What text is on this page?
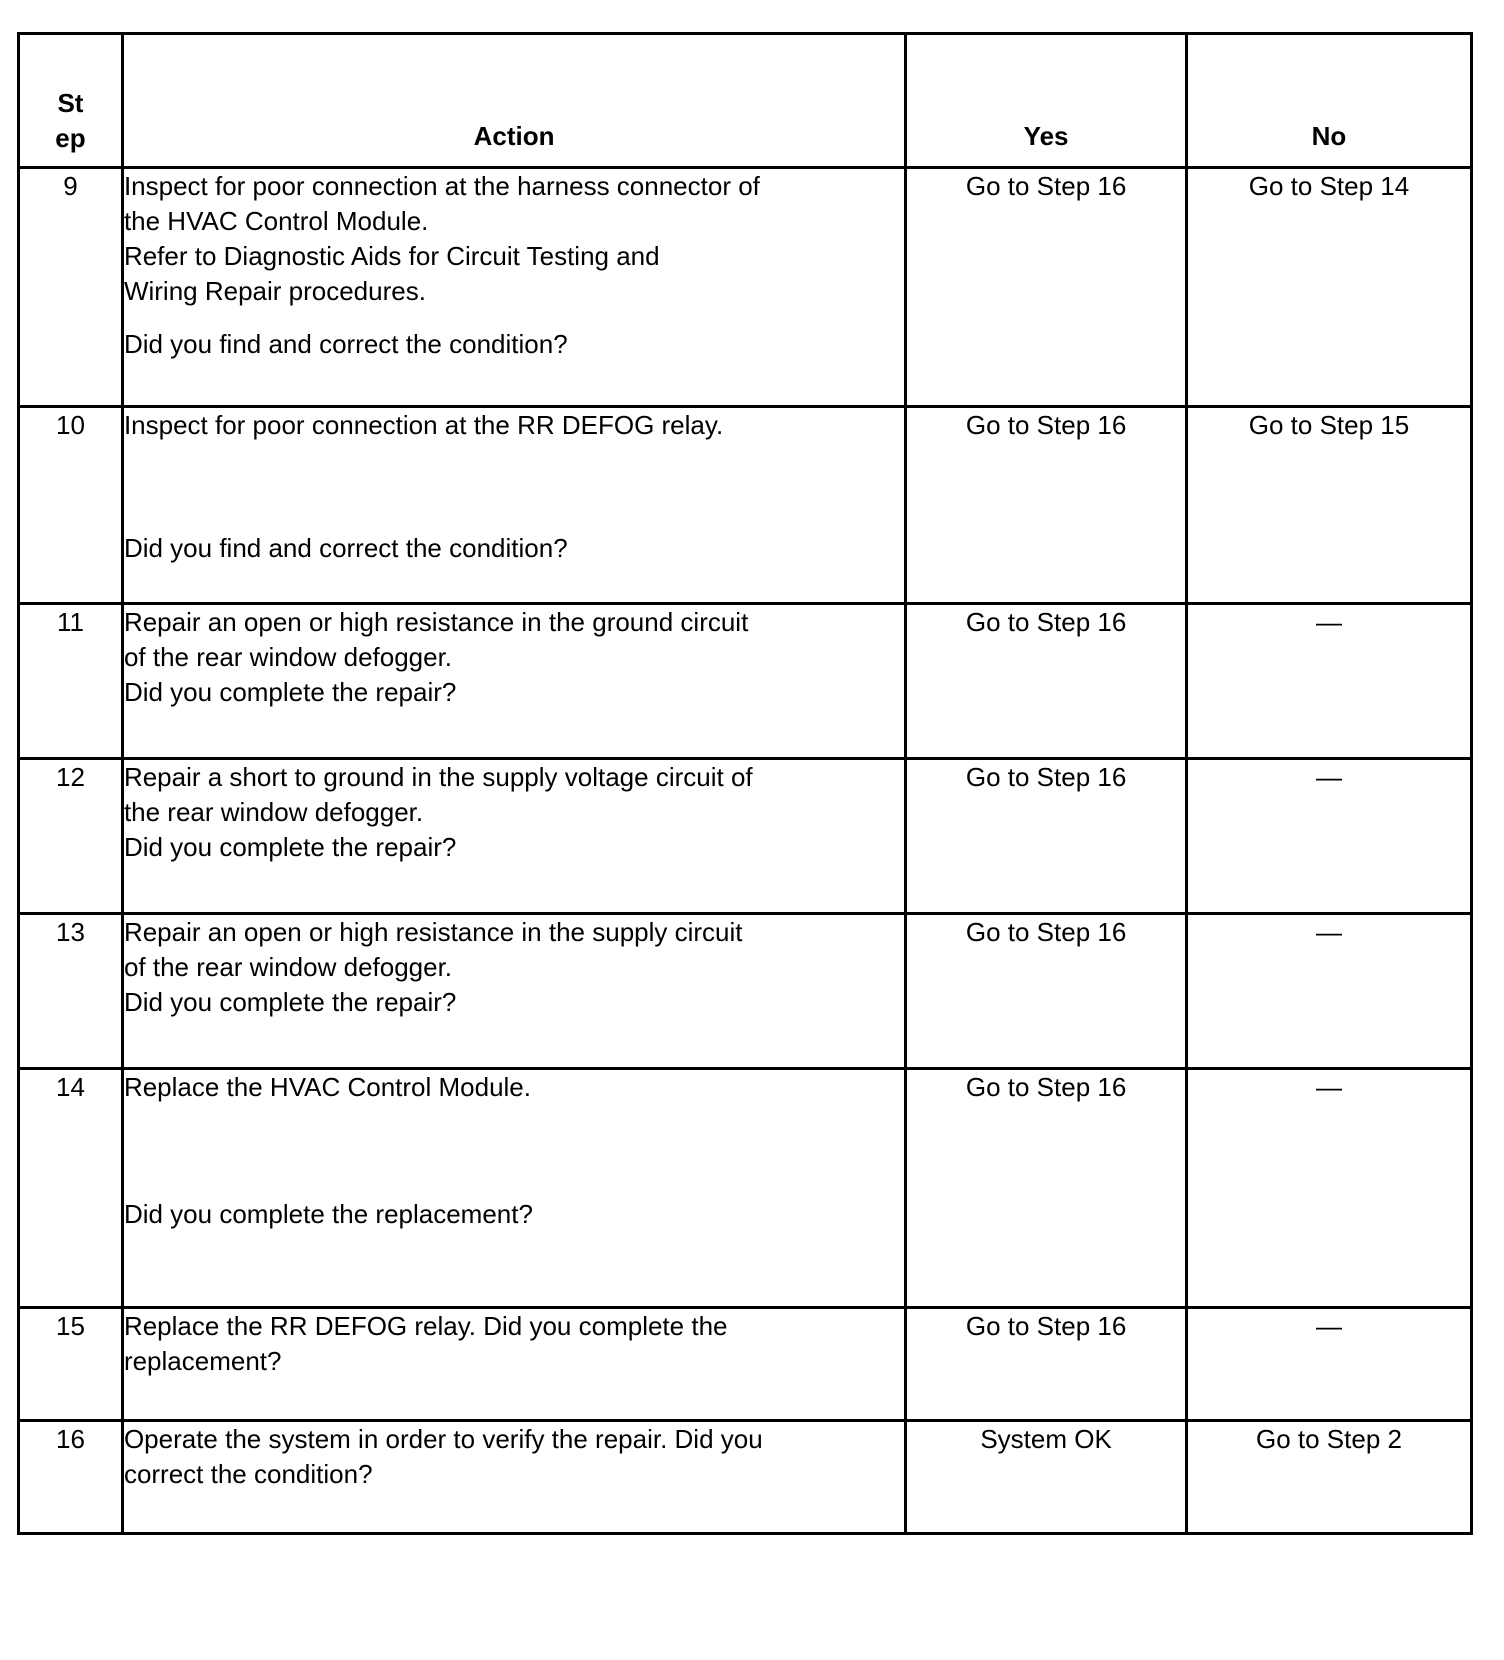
St
ep	Action	Yes	No
9	Inspect for poor connection at the harness connector of
the HVAC Control Module.
Refer to Diagnostic Aids for Circuit Testing and
Wiring Repair procedures.
Did you find and correct the condition?	Go to Step 16	Go to Step 14
10	Inspect for poor connection at the RR DEFOG relay.
Did you find and correct the condition?	Go to Step 16	Go to Step 15
11	Repair an open or high resistance in the ground circuit
of the rear window defogger.
Did you complete the repair?	Go to Step 16	—
12	Repair a short to ground in the supply voltage circuit of
the rear window defogger.
Did you complete the repair?	Go to Step 16	—
13	Repair an open or high resistance in the supply circuit
of the rear window defogger.
Did you complete the repair?	Go to Step 16	—
14	Replace the HVAC Control Module.
Did you complete the replacement?	Go to Step 16	—
15	Replace the RR DEFOG relay. Did you complete the
replacement?	Go to Step 16	—
16	Operate the system in order to verify the repair. Did you
correct the condition?	System OK	Go to Step 2
